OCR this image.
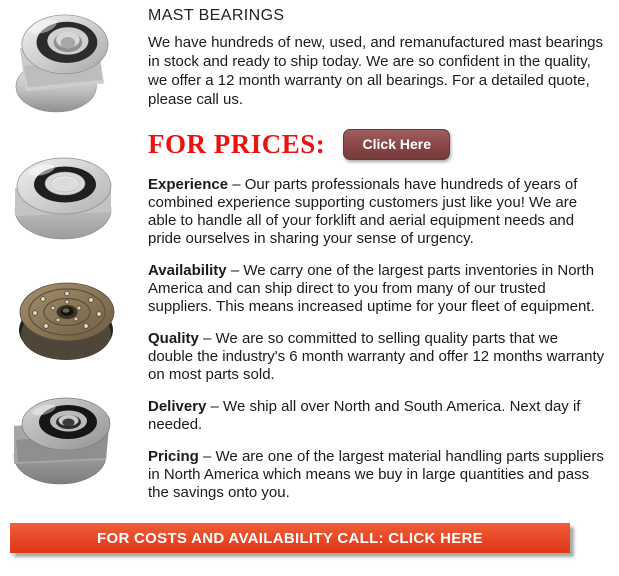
MAST BEARINGS

We have hundreds of new, used, and remanufactured mast bearings in stock and ready to ship today. We are so confident in the quality, we offer a 12 month warranty on all bearings. For a detailed quote, please call us.

FOR PRICES:	Click Here

Experience – Our parts professionals have hundreds of years of combined experience supporting customers just like you! We are able to handle all of your forklift and aerial equipment needs and pride ourselves in sharing your sense of urgency.

Availability – We carry one of the largest parts inventories in North America and can ship direct to you from many of our trusted suppliers. This means increased uptime for your fleet of equipment.

Quality – We are so committed to selling quality parts that we double the industry's 6 month warranty and offer 12 months warranty on most parts sold.

Delivery – We ship all over North and South America. Next day if needed.

Pricing – We are one of the largest material handling parts suppliers in North America which means we buy in large quantities and pass the savings onto you.

FOR COSTS AND AVAILABILITY CALL: CLICK HERE
